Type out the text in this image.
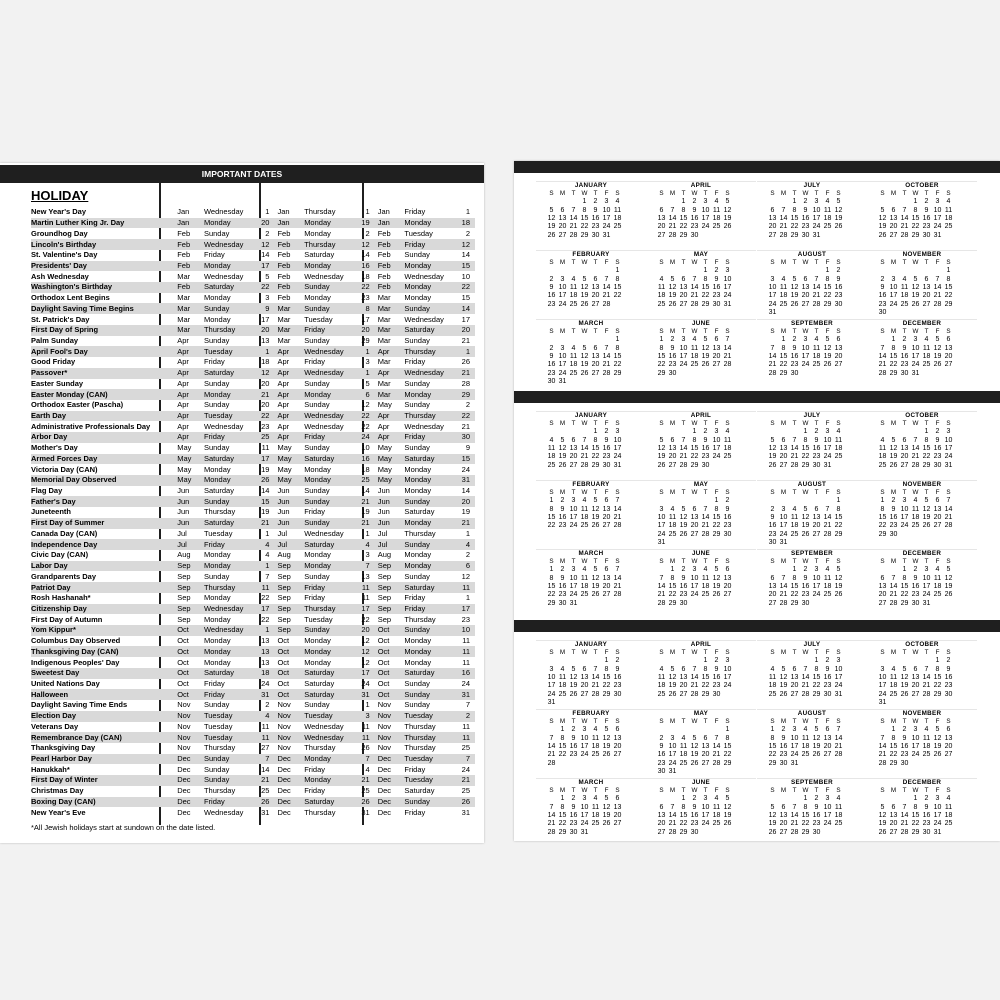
IMPORTANT DATES
HOLIDAY
New Year's Day	Jan	Wednesday	1	Jan	Thursday	1	Jan	Friday	1
Martin Luther King Jr. Day	Jan	Monday	20	Jan	Monday	19	Jan	Monday	18
Groundhog Day	Feb	Sunday	2	Feb	Monday	2	Feb	Tuesday	2
Lincoln's Birthday	Feb	Wednesday	12	Feb	Thursday	12	Feb	Friday	12
St. Valentine's Day	Feb	Friday	14	Feb	Saturday	14	Feb	Sunday	14
Presidents' Day	Feb	Monday	17	Feb	Monday	16	Feb	Monday	15
Ash Wednesday	Mar	Wednesday	5	Feb	Wednesday	18	Feb	Wednesday	10
Washington's Birthday	Feb	Saturday	22	Feb	Sunday	22	Feb	Monday	22
Orthodox Lent Begins	Mar	Monday	3	Feb	Monday	23	Mar	Monday	15
Daylight Saving Time Begins	Mar	Sunday	9	Mar	Sunday	8	Mar	Sunday	14
St. Patrick's Day	Mar	Monday	17	Mar	Tuesday	17	Mar	Wednesday	17
First Day of Spring	Mar	Thursday	20	Mar	Friday	20	Mar	Saturday	20
Palm Sunday	Apr	Sunday	13	Mar	Sunday	29	Mar	Sunday	21
April Fool's Day	Apr	Tuesday	1	Apr	Wednesday	1	Apr	Thursday	1
Good Friday	Apr	Friday	18	Apr	Friday	3	Mar	Friday	26
Passover*	Apr	Saturday	12	Apr	Wednesday	1	Apr	Wednesday	21
Easter Sunday	Apr	Sunday	20	Apr	Sunday	5	Mar	Sunday	28
Easter Monday (CAN)	Apr	Monday	21	Apr	Monday	6	Mar	Monday	29
Orthodox Easter (Pascha)	Apr	Sunday	20	Apr	Sunday	12	May	Sunday	2
Earth Day	Apr	Tuesday	22	Apr	Wednesday	22	Apr	Thursday	22
Administrative Professionals Day	Apr	Wednesday	23	Apr	Wednesday	22	Apr	Wednesday	21
Arbor Day	Apr	Friday	25	Apr	Friday	24	Apr	Friday	30
Mother's Day	May	Sunday	11	May	Sunday	10	May	Sunday	9
Armed Forces Day	May	Saturday	17	May	Saturday	16	May	Saturday	15
Victoria Day (CAN)	May	Monday	19	May	Monday	18	May	Monday	24
Memorial Day Observed	May	Monday	26	May	Monday	25	May	Monday	31
Flag Day	Jun	Saturday	14	Jun	Sunday	14	Jun	Monday	14
Father's Day	Jun	Sunday	15	Jun	Sunday	21	Jun	Sunday	20
Juneteenth	Jun	Thursday	19	Jun	Friday	19	Jun	Saturday	19
First Day of Summer	Jun	Saturday	21	Jun	Sunday	21	Jun	Monday	21
Canada Day (CAN)	Jul	Tuesday	1	Jul	Wednesday	1	Jul	Thursday	1
Independence Day	Jul	Friday	4	Jul	Saturday	4	Jul	Sunday	4
Civic Day (CAN)	Aug	Monday	4	Aug	Monday	3	Aug	Monday	2
Labor Day	Sep	Monday	1	Sep	Monday	7	Sep	Monday	6
Grandparents Day	Sep	Sunday	7	Sep	Sunday	13	Sep	Sunday	12
Patriot Day	Sep	Thursday	11	Sep	Friday	11	Sep	Saturday	11
Rosh Hashanah*	Sep	Monday	22	Sep	Friday	11	Sep	Friday	1
Citizenship Day	Sep	Wednesday	17	Sep	Thursday	17	Sep	Friday	17
First Day of Autumn	Sep	Monday	22	Sep	Tuesday	22	Sep	Thursday	23
Yom Kippur*	Oct	Wednesday	1	Sep	Sunday	20	Oct	Sunday	10
Columbus Day Observed	Oct	Monday	13	Oct	Monday	12	Oct	Monday	11
Thanksgiving Day (CAN)	Oct	Monday	13	Oct	Monday	12	Oct	Monday	11
Indigenous Peoples' Day	Oct	Monday	13	Oct	Monday	12	Oct	Monday	11
Sweetest Day	Oct	Saturday	18	Oct	Saturday	17	Oct	Saturday	16
United Nations Day	Oct	Friday	24	Oct	Saturday	24	Oct	Sunday	24
Halloween	Oct	Friday	31	Oct	Saturday	31	Oct	Sunday	31
Daylight Saving Time Ends	Nov	Sunday	2	Nov	Sunday	1	Nov	Sunday	7
Election Day	Nov	Tuesday	4	Nov	Tuesday	3	Nov	Tuesday	2
Veterans Day	Nov	Tuesday	11	Nov	Wednesday	11	Nov	Thursday	11
Remembrance Day (CAN)	Nov	Tuesday	11	Nov	Wednesday	11	Nov	Thursday	11
Thanksgiving Day	Nov	Thursday	27	Nov	Thursday	26	Nov	Thursday	25
Pearl Harbor Day	Dec	Sunday	7	Dec	Monday	7	Dec	Tuesday	7
Hanukkah*	Dec	Sunday	14	Dec	Friday	4	Dec	Friday	24
First Day of Winter	Dec	Sunday	21	Dec	Monday	21	Dec	Tuesday	21
Christmas Day	Dec	Thursday	25	Dec	Friday	25	Dec	Saturday	25
Boxing Day (CAN)	Dec	Friday	26	Dec	Saturday	26	Dec	Sunday	26
New Year's Eve	Dec	Wednesday	31	Dec	Thursday	31	Dec	Friday	31
*All Jewish holidays start at sundown on the date listed.
JANUARY
S	M	T	W	T	F	S
			1	2	3	4
5	6	7	8	9	10	11
12	13	14	15	16	17	18
19	20	21	22	23	24	25
26	27	28	29	30	31	
FEBRUARY
S	M	T	W	T	F	S
						1
2	3	4	5	6	7	8
9	10	11	12	13	14	15
16	17	18	19	20	21	22
23	24	25	26	27	28	
MARCH
S	M	T	W	T	F	S
						1
2	3	4	5	6	7	8
9	10	11	12	13	14	15
16	17	18	19	20	21	22
23	24	25	26	27	28	29
30	31					
APRIL
S	M	T	W	T	F	S
		1	2	3	4	5
6	7	8	9	10	11	12
13	14	15	16	17	18	19
20	21	22	23	24	25	26
27	28	29	30			
MAY
S	M	T	W	T	F	S
				1	2	3
4	5	6	7	8	9	10
11	12	13	14	15	16	17
18	19	20	21	22	23	24
25	26	27	28	29	30	31
JUNE
S	M	T	W	T	F	S
1	2	3	4	5	6	7
8	9	10	11	12	13	14
15	16	17	18	19	20	21
22	23	24	25	26	27	28
29	30					
JULY
S	M	T	W	T	F	S
		1	2	3	4	5
6	7	8	9	10	11	12
13	14	15	16	17	18	19
20	21	22	23	24	25	26
27	28	29	30	31		
AUGUST
S	M	T	W	T	F	S
					1	2
3	4	5	6	7	8	9
10	11	12	13	14	15	16
17	18	19	20	21	22	23
24	25	26	27	28	29	30
31						
SEPTEMBER
S	M	T	W	T	F	S
	1	2	3	4	5	6
7	8	9	10	11	12	13
14	15	16	17	18	19	20
21	22	23	24	25	26	27
28	29	30				
OCTOBER
S	M	T	W	T	F	S
			1	2	3	4
5	6	7	8	9	10	11
12	13	14	15	16	17	18
19	20	21	22	23	24	25
26	27	28	29	30	31	
NOVEMBER
S	M	T	W	T	F	S
						1
2	3	4	5	6	7	8
9	10	11	12	13	14	15
16	17	18	19	20	21	22
23	24	25	26	27	28	29
30						
DECEMBER
S	M	T	W	T	F	S
	1	2	3	4	5	6
7	8	9	10	11	12	13
14	15	16	17	18	19	20
21	22	23	24	25	26	27
28	29	30	31			
JANUARY
S	M	T	W	T	F	S
				1	2	3
4	5	6	7	8	9	10
11	12	13	14	15	16	17
18	19	20	21	22	23	24
25	26	27	28	29	30	31
FEBRUARY
S	M	T	W	T	F	S
1	2	3	4	5	6	7
8	9	10	11	12	13	14
15	16	17	18	19	20	21
22	23	24	25	26	27	28
MARCH
S	M	T	W	T	F	S
1	2	3	4	5	6	7
8	9	10	11	12	13	14
15	16	17	18	19	20	21
22	23	24	25	26	27	28
29	30	31				
APRIL
S	M	T	W	T	F	S
			1	2	3	4
5	6	7	8	9	10	11
12	13	14	15	16	17	18
19	20	21	22	23	24	25
26	27	28	29	30		
MAY
S	M	T	W	T	F	S
					1	2
3	4	5	6	7	8	9
10	11	12	13	14	15	16
17	18	19	20	21	22	23
24	25	26	27	28	29	30
31						
JUNE
S	M	T	W	T	F	S
	1	2	3	4	5	6
7	8	9	10	11	12	13
14	15	16	17	18	19	20
21	22	23	24	25	26	27
28	29	30				
JULY
S	M	T	W	T	F	S
			1	2	3	4
5	6	7	8	9	10	11
12	13	14	15	16	17	18
19	20	21	22	23	24	25
26	27	28	29	30	31	
AUGUST
S	M	T	W	T	F	S
						1
2	3	4	5	6	7	8
9	10	11	12	13	14	15
16	17	18	19	20	21	22
23	24	25	26	27	28	29
30	31					
SEPTEMBER
S	M	T	W	T	F	S
		1	2	3	4	5
6	7	8	9	10	11	12
13	14	15	16	17	18	19
20	21	22	23	24	25	26
27	28	29	30			
OCTOBER
S	M	T	W	T	F	S
				1	2	3
4	5	6	7	8	9	10
11	12	13	14	15	16	17
18	19	20	21	22	23	24
25	26	27	28	29	30	31
NOVEMBER
S	M	T	W	T	F	S
1	2	3	4	5	6	7
8	9	10	11	12	13	14
15	16	17	18	19	20	21
22	23	24	25	26	27	28
29	30					
DECEMBER
S	M	T	W	T	F	S
		1	2	3	4	5
6	7	8	9	10	11	12
13	14	15	16	17	18	19
20	21	22	23	24	25	26
27	28	29	30	31		
JANUARY
S	M	T	W	T	F	S
					1	2
3	4	5	6	7	8	9
10	11	12	13	14	15	16
17	18	19	20	21	22	23
24	25	26	27	28	29	30
31						
FEBRUARY
S	M	T	W	T	F	S
	1	2	3	4	5	6
7	8	9	10	11	12	13
14	15	16	17	18	19	20
21	22	23	24	25	26	27
28						
MARCH
S	M	T	W	T	F	S
	1	2	3	4	5	6
7	8	9	10	11	12	13
14	15	16	17	18	19	20
21	22	23	24	25	26	27
28	29	30	31			
APRIL
S	M	T	W	T	F	S
				1	2	3
4	5	6	7	8	9	10
11	12	13	14	15	16	17
18	19	20	21	22	23	24
25	26	27	28	29	30	
MAY
S	M	T	W	T	F	S
						1
2	3	4	5	6	7	8
9	10	11	12	13	14	15
16	17	18	19	20	21	22
23	24	25	26	27	28	29
30	31					
JUNE
S	M	T	W	T	F	S
		1	2	3	4	5
6	7	8	9	10	11	12
13	14	15	16	17	18	19
20	21	22	23	24	25	26
27	28	29	30			
JULY
S	M	T	W	T	F	S
				1	2	3
4	5	6	7	8	9	10
11	12	13	14	15	16	17
18	19	20	21	22	23	24
25	26	27	28	29	30	31
AUGUST
S	M	T	W	T	F	S
1	2	3	4	5	6	7
8	9	10	11	12	13	14
15	16	17	18	19	20	21
22	23	24	25	26	27	28
29	30	31				
SEPTEMBER
S	M	T	W	T	F	S
			1	2	3	4
5	6	7	8	9	10	11
12	13	14	15	16	17	18
19	20	21	22	23	24	25
26	27	28	29	30		
OCTOBER
S	M	T	W	T	F	S
					1	2
3	4	5	6	7	8	9
10	11	12	13	14	15	16
17	18	19	20	21	22	23
24	25	26	27	28	29	30
31						
NOVEMBER
S	M	T	W	T	F	S
	1	2	3	4	5	6
7	8	9	10	11	12	13
14	15	16	17	18	19	20
21	22	23	24	25	26	27
28	29	30				
DECEMBER
S	M	T	W	T	F	S
			1	2	3	4
5	6	7	8	9	10	11
12	13	14	15	16	17	18
19	20	21	22	23	24	25
26	27	28	29	30	31	
